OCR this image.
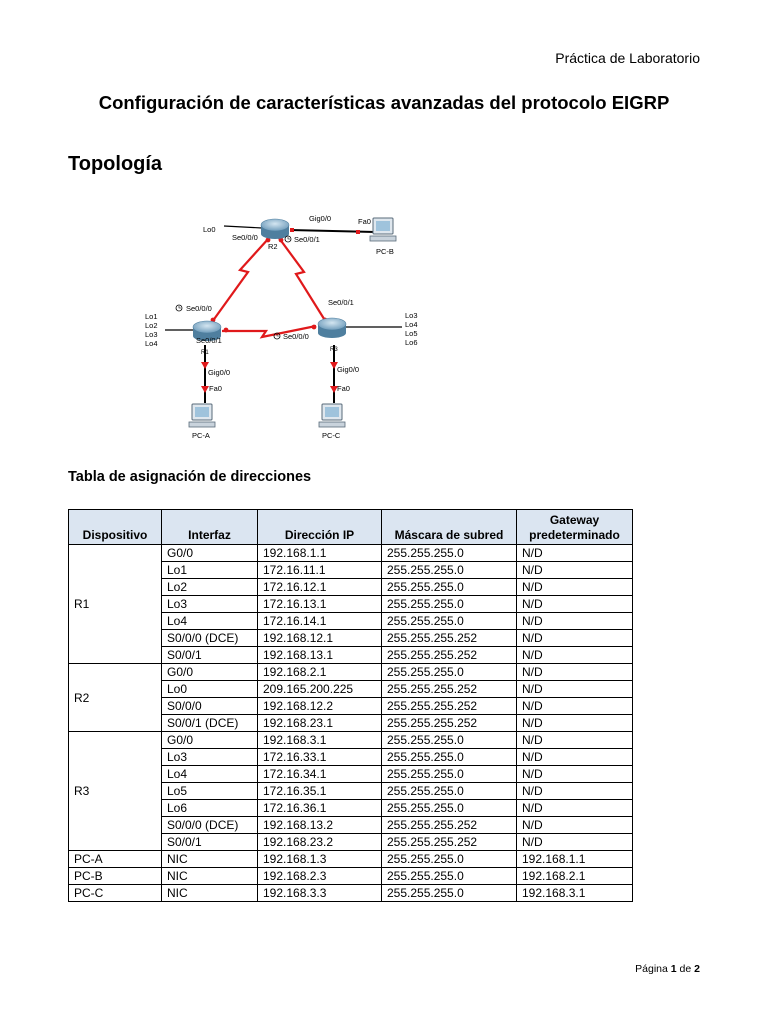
Práctica de Laboratorio
Configuración de características avanzadas del protocolo EIGRP
Topología
Lo0
Se0/0/0	Se0/0/1
Gig0/0
R2
Fa0
PC-B
Se0/0/0
Se0/0/1
Lo1
Lo2
Lo3
Lo4
R1
Gig0/0
Fa0
PC-A
Se0/0/1
Se0/0/0
Lo3
Lo4
Lo5
Lo6
R3
Gig0/0
Fa0
PC-C
Tabla de asignación de direcciones
Dispositivo	Interfaz	Dirección IP	Máscara de subred	Gateway predeterminado
R1	G0/0	192.168.1.1	255.255.255.0	N/D
	Lo1	172.16.11.1	255.255.255.0	N/D
	Lo2	172.16.12.1	255.255.255.0	N/D
	Lo3	172.16.13.1	255.255.255.0	N/D
	Lo4	172.16.14.1	255.255.255.0	N/D
	S0/0/0 (DCE)	192.168.12.1	255.255.255.252	N/D
	S0/0/1	192.168.13.1	255.255.255.252	N/D
R2	G0/0	192.168.2.1	255.255.255.0	N/D
	Lo0	209.165.200.225	255.255.255.252	N/D
	S0/0/0	192.168.12.2	255.255.255.252	N/D
	S0/0/1 (DCE)	192.168.23.1	255.255.255.252	N/D
R3	G0/0	192.168.3.1	255.255.255.0	N/D
	Lo3	172.16.33.1	255.255.255.0	N/D
	Lo4	172.16.34.1	255.255.255.0	N/D
	Lo5	172.16.35.1	255.255.255.0	N/D
	Lo6	172.16.36.1	255.255.255.0	N/D
	S0/0/0 (DCE)	192.168.13.2	255.255.255.252	N/D
	S0/0/1	192.168.23.2	255.255.255.252	N/D
PC-A	NIC	192.168.1.3	255.255.255.0	192.168.1.1
PC-B	NIC	192.168.2.3	255.255.255.0	192.168.2.1
PC-C	NIC	192.168.3.3	255.255.255.0	192.168.3.1
Página 1 de 2
